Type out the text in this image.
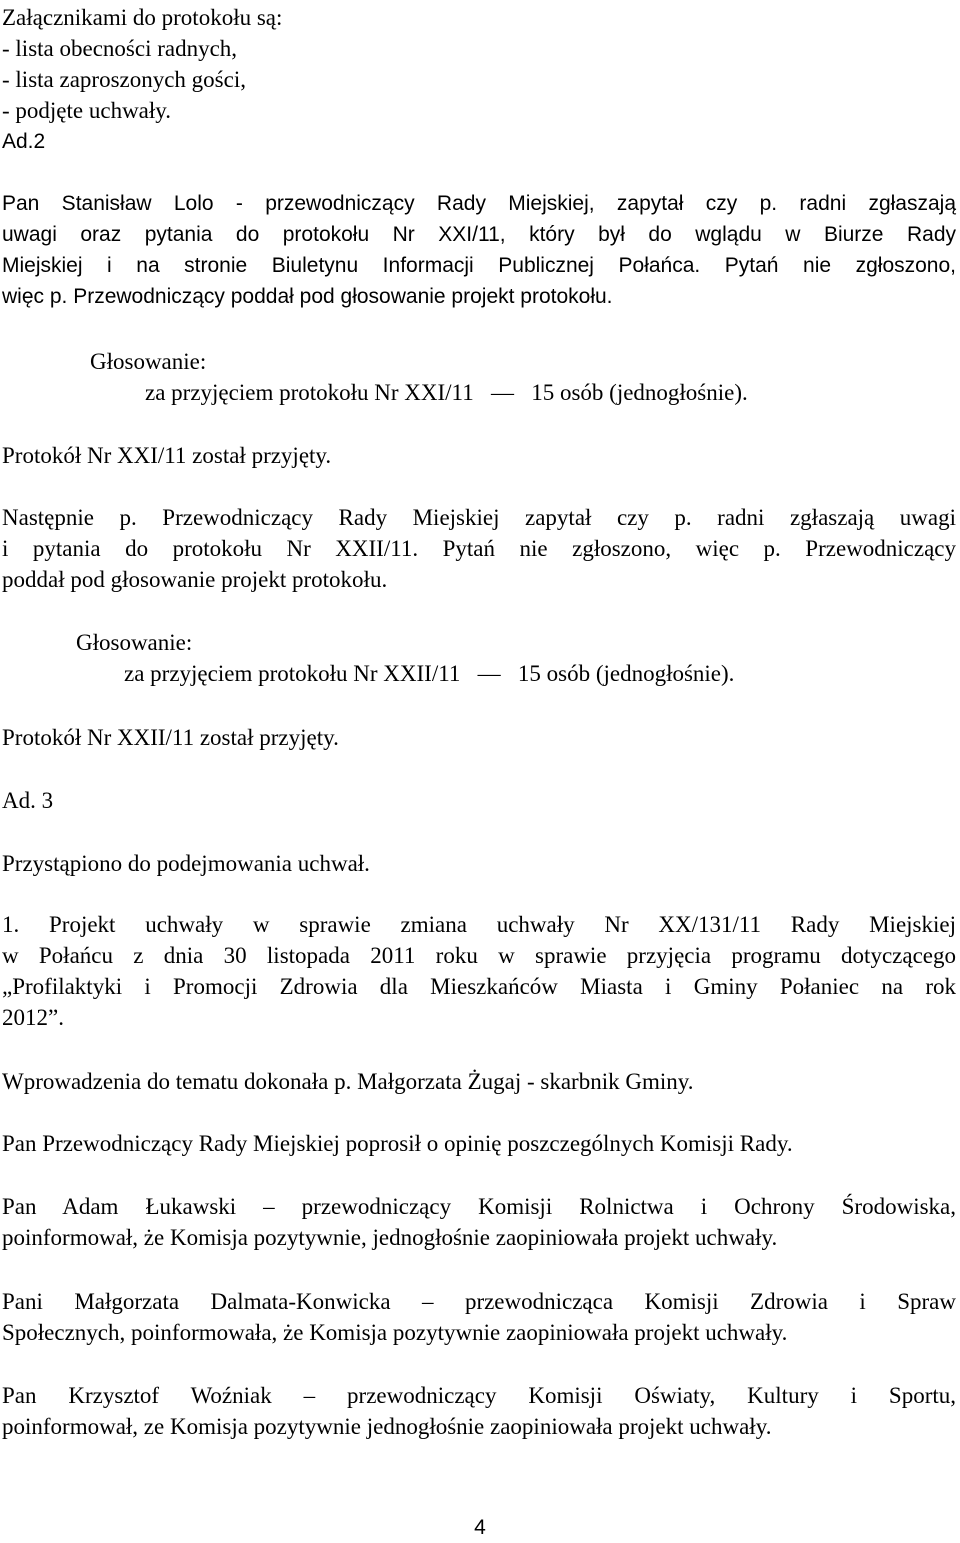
Załącznikami do protokołu są:
- lista obecności radnych,
- lista zaproszonych gości,
- podjęte uchwały.
Ad.2
Pan Stanisław Lolo - przewodniczący Rady Miejskiej, zapytał czy p. radni zgłaszają
uwagi oraz pytania do protokołu Nr XXI/11, który był do wglądu w Biurze Rady
Miejskiej i na stronie Biuletynu Informacji Publicznej Połańca. Pytań nie zgłoszono,
więc p. Przewodniczący poddał pod głosowanie projekt protokołu.
Głosowanie:
za przyjęciem protokołu Nr XXI/11   —   15 osób (jednogłośnie).
Protokół Nr XXI/11 został przyjęty.
Następnie p. Przewodniczący Rady Miejskiej zapytał czy p. radni zgłaszają uwagi
i pytania do protokołu Nr XXII/11. Pytań nie zgłoszono, więc p. Przewodniczący
poddał pod głosowanie projekt protokołu.
Głosowanie:
za przyjęciem protokołu Nr XXII/11   —   15 osób (jednogłośnie).
Protokół Nr XXII/11 został przyjęty.
Ad. 3
Przystąpiono do podejmowania uchwał.
1. Projekt uchwały w sprawie zmiana uchwały Nr XX/131/11 Rady Miejskiej
w Połańcu z dnia 30 listopada 2011 roku w sprawie przyjęcia programu dotyczącego
„Profilaktyki i Promocji Zdrowia dla Mieszkańców Miasta i Gminy Połaniec na rok
2012”.
Wprowadzenia do tematu dokonała p. Małgorzata Żugaj - skarbnik Gminy.
Pan Przewodniczący Rady Miejskiej poprosił o opinię poszczególnych Komisji Rady.
Pan Adam Łukawski – przewodniczący Komisji Rolnictwa i Ochrony Środowiska,
poinformował, że Komisja pozytywnie, jednogłośnie zaopiniowała projekt uchwały.
Pani Małgorzata Dalmata-Konwicka – przewodnicząca Komisji Zdrowia i Spraw
Społecznych, poinformowała, że Komisja pozytywnie zaopiniowała projekt uchwały.
Pan Krzysztof Woźniak – przewodniczący Komisji Oświaty, Kultury i Sportu,
poinformował, ze Komisja pozytywnie jednogłośnie zaopiniowała projekt uchwały.
4
